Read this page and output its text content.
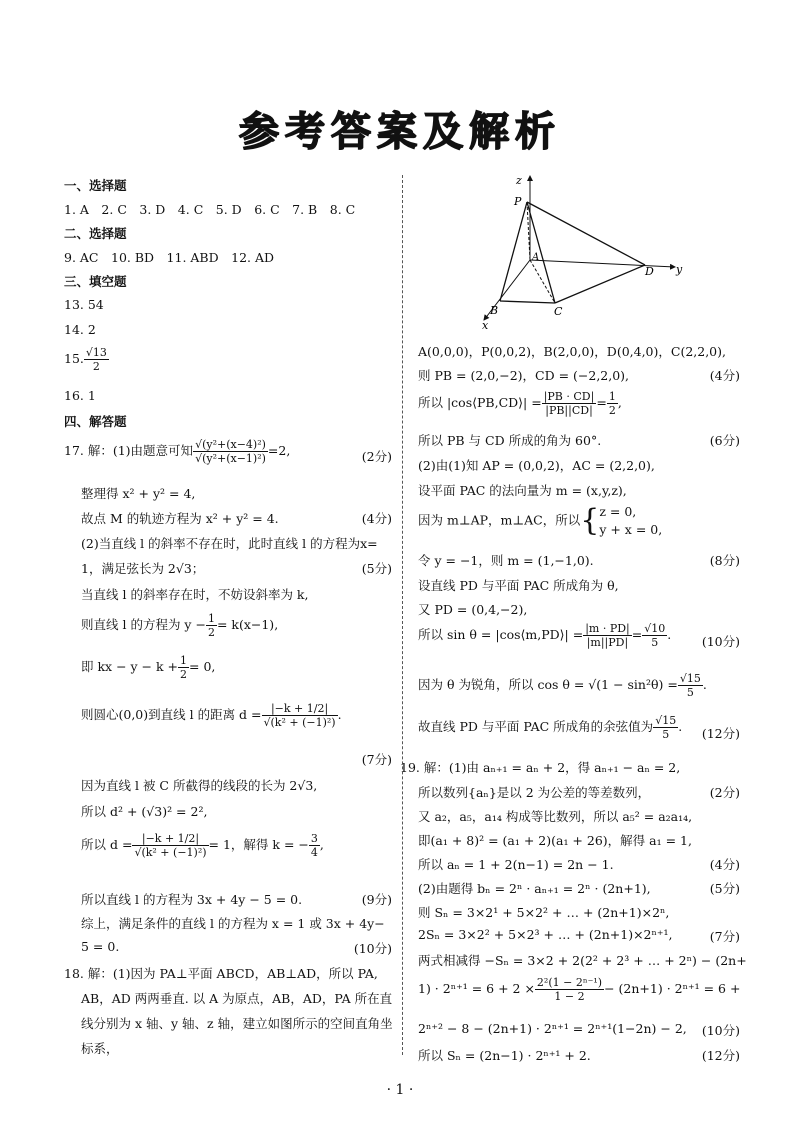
参考答案及解析
一、选择题
1. A　2. C　3. D　4. C　5. D　6. C　7. B　8. C
二、选择题
9. AC　10. BD　11. ABD　12. AD
三、填空题
13. 54
14. 2
15. $\frac{√13}{2}$
16. 1
四、解答题
17. 解：(1)由题意可知 $\frac{\text{√(y²+(x−4)²)}}{\text{√(y²+(x−1)²)}} =2$,	(2分)
整理得 x² + y² = 4,
故点 M 的轨迹方程为 x² + y² = 4.	(4分)
(2)当直线 l 的斜率不存在时，此时直线 l 的方程为x=
1，满足弦长为 2√3；	(5分)
当直线 l 的斜率存在时，不妨设斜率为 k,
则直线 l 的方程为 $y - \frac{1}{2} = k(x-1)$,
即 kx − $y - k + \frac{1}{2} = 0$,
则圆心(0,0)到直线 l 的距离 $d = \frac{|-k + 1/2|}{\text{√(k² + (−1)²)}}$ .
(7分)
因为直线 l 被 C 所截得的线段的长为 2√3,
所以 d² + (√3)² = 2²,
所以 $d = \frac{|-k + 1/2|}{\text{√(k² + (−1)²)}} = 1$，解得 k = − $\frac{3}{4}$ ,
所以直线 l 的方程为 3x + 4y − 5 = 0.	(9分)
综上，满足条件的直线 l 的方程为 x = 1 或 3x + 4y−
5 = 0.	(10分)
18. 解：(1)因为 PA⊥平面 ABCD，AB⊥AD，所以 PA,
AB，AD 两两垂直. 以 A 为原点，AB，AD，PA 所在直
线分别为 x 轴、y 轴、z 轴，建立如图所示的空间直角坐
标系，
z
P
A
D y
B	C
x
A(0,0,0)，P(0,0,2)，B(2,0,0)，D(0,4,0)，C(2,2,0),
则 PB = (2,0,−2)，CD = (−2,2,0),	(4分)
所以 |cos⟨PB,CD⟩| = $\frac{|PB \cdot CD|}{|PB||CD|} = \frac{1}{2}$ ,
所以 PB 与 CD 所成的角为 60°.	(6分)
(2)由(1)知 AP = (0,0,2)，AC = (2,2,0),
设平面 PAC 的法向量为 m = (x,y,z),
因为 m⊥AP，m⊥AC，所以{z = 0,
y + x = 0,
令 y = −1，则 m = (1,−1,0).	(8分)
设直线 PD 与平面 PAC 所成角为 θ,
又 PD = (0,4,−2),
所以 sin θ = |cos⟨m,PD⟩| = $\frac{|m \cdot PD|}{|m||PD|} = \frac{√10}{5}$ . (10分)
因为 θ 为锐角，所以 $\cos \theta = √(1 - \sin^2\theta) = \frac{√15}{5}$ .
故直线 PD 与平面 PAC 所成角的余弦值为 $\frac{√15}{5}$ . (12分)
19. 解：(1)由 aₙ₊₁ = aₙ + 2，得 aₙ₊₁ − aₙ = 2,
所以数列{aₙ}是以 2 为公差的等差数列，	(2分)
又 a₂，a₅，a₁₄ 构成等比数列，所以 a₅² = a₂a₁₄,
即(a₁ + 8)² = (a₁ + 2)(a₁ + 26)，解得 a₁ = 1,
所以 aₙ = 1 + 2(n−1) = 2n − 1.	(4分)
(2)由题得 bₙ = 2ⁿ · aₙ₊₁ = 2ⁿ · (2n+1),	(5分)
则 Sₙ = 3×2¹ + 5×2² + … + (2n+1)×2ⁿ,
2Sₙ = 3×2² + 5×2³ + … + (2n+1)×2ⁿ⁺¹,	(7分)
两式相减得 −Sₙ = 3×2 + 2(2² + 2³ + … + 2ⁿ) − (2n+
$1) \cdot 2^{n+1} = 6 + 2 \times \frac{\text{2²(1 − 2ⁿ⁻¹)}}{1 - 2} - (2n+1) \cdot 2^{n+1} = 6$ +
2ⁿ⁺² − 8 − (2n+1) · 2ⁿ⁺¹ = 2ⁿ⁺¹(1−2n) − 2, (10分)
所以 Sₙ = (2n−1) · 2ⁿ⁺¹ + 2.	(12分)
· 1 ·
